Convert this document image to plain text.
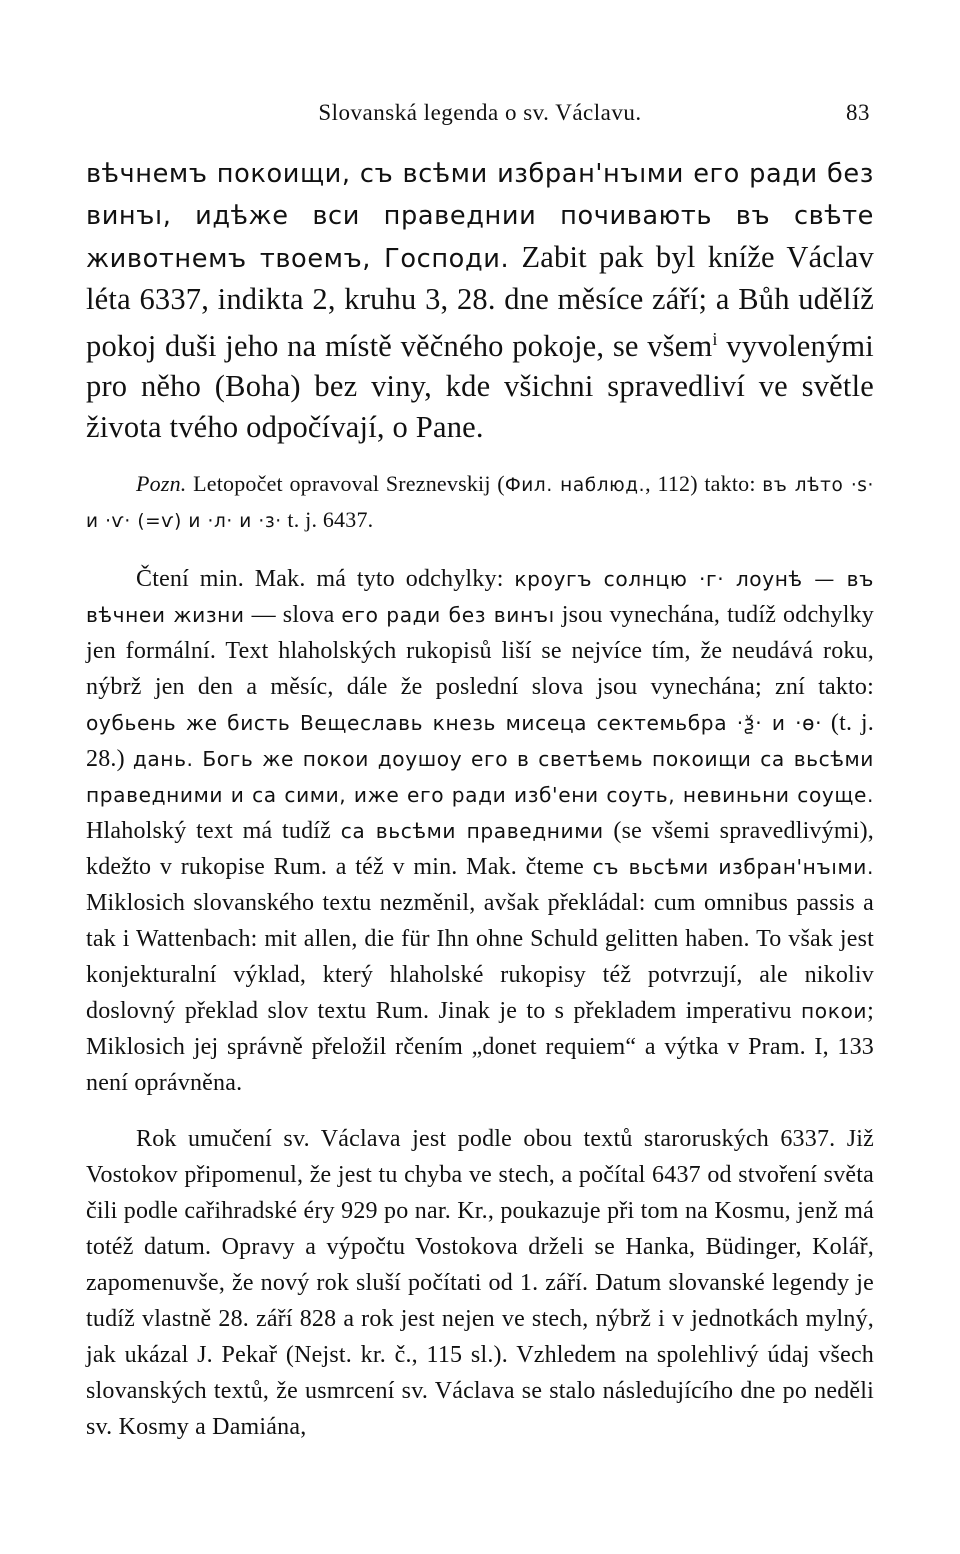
Slovanská legenda o sv. Václavu.	83

вѣчнемъ покоищи, съ всѣми избран'нъıми его ради без винъı, идѣже вси праведнии почивають въ свѣте животнемъ твоемъ, Господи. Zabit pak byl kníže Václav léta 6337, indikta 2, kruhu 3, 28. dne měsíce září; a Bůh udělíž pokoj duši jeho na místě věčného pokoje, se všem$^i$ vyvolenými pro něho (Boha) bez viny, kde všichni spravedliví ve světle života tvého odpočívají, o Pane.

Pozn. Letopočet opravoval Sreznevskij (Фил. наблюд., 112) takto: въ лѣто ·ѕ· и ·ѵ· (=ѵ) и ·л· и ·з· t. j. 6437.

Čtení min. Mak. má tyto odchylky: кроугъ солнцю ·г· лоунѣ — въ вѣчнеи жизни — slova его ради без винъı jsou vynechána, tudíž odchylky jen formální. Text hlaholských rukopisů liší se nejvíce tím, že neudává roku, nýbrž jen den a měsíc, dále že poslední slova jsou vynechána; zní takto: оубьень же бисть Вещеславь кнезь мисеца сектемьбра ·ѯ· и ·ѳ· (t. j. 28.) дань. Богь же покои доушоу его в светѣемь покоищи са вьсѣми праведними и са сими, иже его ради изб'ени соуть, невиньни соуще. Hlaholský text má tudíž са вьсѣми праведними (se všemi spravedlivými), kdežto v rukopise Rum. a též v min. Mak. čteme съ вьсѣми избран'нъıми. Miklosich slovanského textu nezměnil, avšak překládal: cum omnibus passis a tak i Wattenbach: mit allen, die für Ihn ohne Schuld gelitten haben. To však jest konjekturalní výklad, který hlaholské rukopisy též potvrzují, ale nikoliv doslovný překlad slov textu Rum. Jinak je to s překladem imperativu покои; Miklosich jej správně přeložil rčením „donet requiem“ a výtka v Pram. I, 133 není oprávněna.

Rok umučení sv. Václava jest podle obou textů staroruských 6337. Již Vostokov připomenul, že jest tu chyba ve stech, a počítal 6437 od stvoření světa čili podle cařihradské éry 929 po nar. Kr., poukazuje při tom na Kosmu, jenž má totéž datum. Opravy a výpočtu Vostokova drželi se Hanka, Büdinger, Kolář, zapomenuvše, že nový rok sluší počítati od 1. září. Datum slovanské legendy je tudíž vlastně 28. září 828 a rok jest nejen ve stech, nýbrž i v jednotkách mylný, jak ukázal J. Pekař (Nejst. kr. č., 115 sl.). Vzhledem na spolehlivý údaj všech slovanských textů, že usmrcení sv. Václava se stalo následujícího dne po neděli sv. Kosmy a Damiána,
